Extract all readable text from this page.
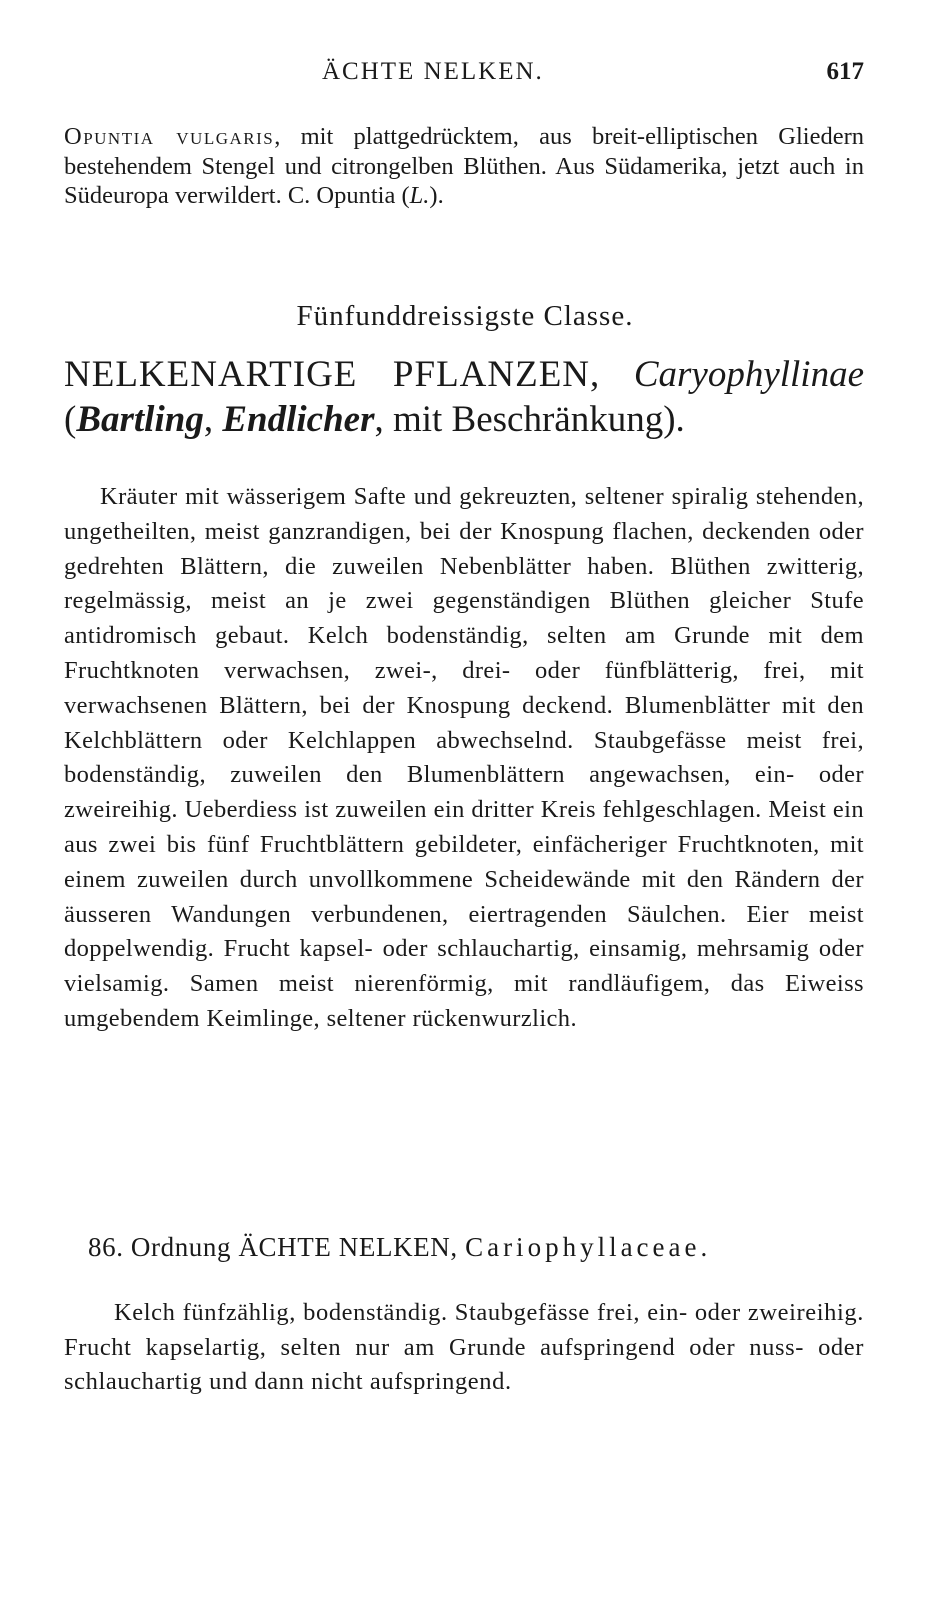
ÄCHTE NELKEN.	617
Opuntia vulgaris, mit plattgedrücktem, aus breit-elliptischen Gliedern bestehendem Stengel und citrongelben Blüthen. Aus Südamerika, jetzt auch in Südeuropa verwildert. C. Opuntia (L.).
Fünfunddreissigste Classe.
NELKENARTIGE PFLANZEN, Caryophyllinae (Bartling, Endlicher, mit Beschränkung).

Kräuter mit wässerigem Safte und gekreuzten, seltener spiralig stehenden, ungetheilten, meist ganzrandigen, bei der Knospung flachen, deckenden oder gedrehten Blättern, die zuweilen Nebenblätter haben. Blüthen zwitterig, regelmässig, meist an je zwei gegenständigen Blüthen gleicher Stufe antidromisch gebaut. Kelch bodenständig, selten am Grunde mit dem Fruchtknoten verwachsen, zwei-, drei- oder fünfblätterig, frei, mit verwachsenen Blättern, bei der Knospung deckend. Blumenblätter mit den Kelchblättern oder Kelchlappen abwechselnd. Staubgefässe meist frei, bodenständig, zuweilen den Blumenblättern angewachsen, ein- oder zweireihig. Ueberdiess ist zuweilen ein dritter Kreis fehlgeschlagen. Meist ein aus zwei bis fünf Fruchtblättern gebildeter, einfächeriger Fruchtknoten, mit einem zuweilen durch unvollkommene Scheidewände mit den Rändern der äusseren Wandungen verbundenen, eiertragenden Säulchen. Eier meist doppelwendig. Frucht kapsel- oder schlauchartig, einsamig, mehrsamig oder vielsamig. Samen meist nierenförmig, mit randläufigem, das Eiweiss umgebendem Keimlinge, seltener rückenwurzlich.

86. Ordnung ÄCHTE NELKEN, Cariophyllaceae.

Kelch fünfzählig, bodenständig. Staubgefässe frei, ein- oder zweireihig. Frucht kapselartig, selten nur am Grunde aufspringend oder nuss- oder schlauchartig und dann nicht aufspringend.
